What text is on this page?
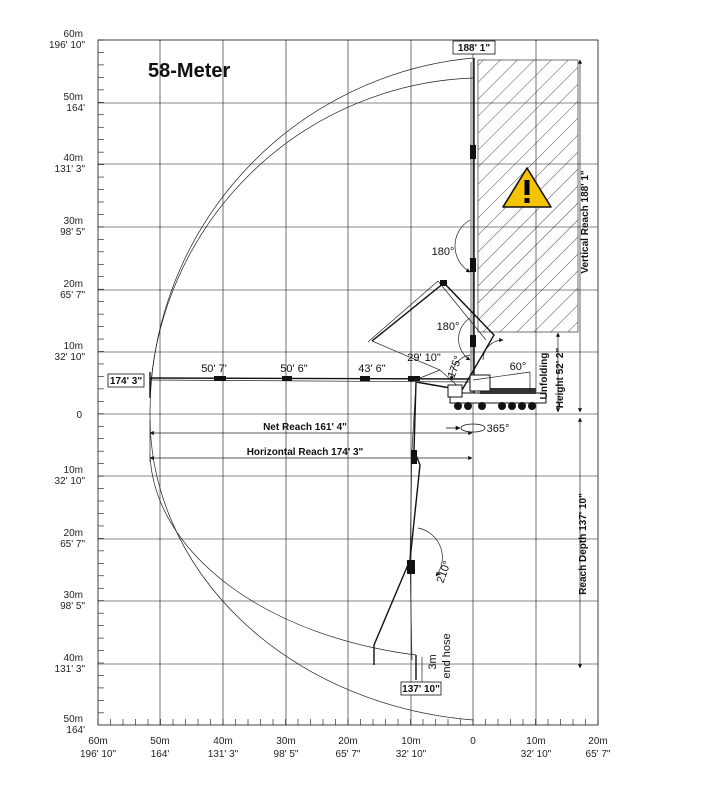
58-Meter
188' 1"
174' 3"
137' 10"
50' 7'	50' 6"	43' 6"
29' 10"
Net Reach 161' 4"
Horizontal Reach 174' 3"
Vertical Reach 188' 1"
Unfolding Height 52' 2"
Reach Depth 137' 10"
3m end hose
180°
180°
175°	60°
365°
210°
60m
196' 10"
50m
164'
40m
131' 3"
30m
98' 5"
20m
65' 7"
10m
32' 10"
0
10m
32' 10"
20m
65' 7"
30m
98' 5"
40m
131' 3"
50m
164'
60m
196' 10"
50m
164'
40m
131' 3"
30m
98' 5"
20m
65' 7"
10m
32' 10"
0	10m
32' 10"
20m
65' 7"
